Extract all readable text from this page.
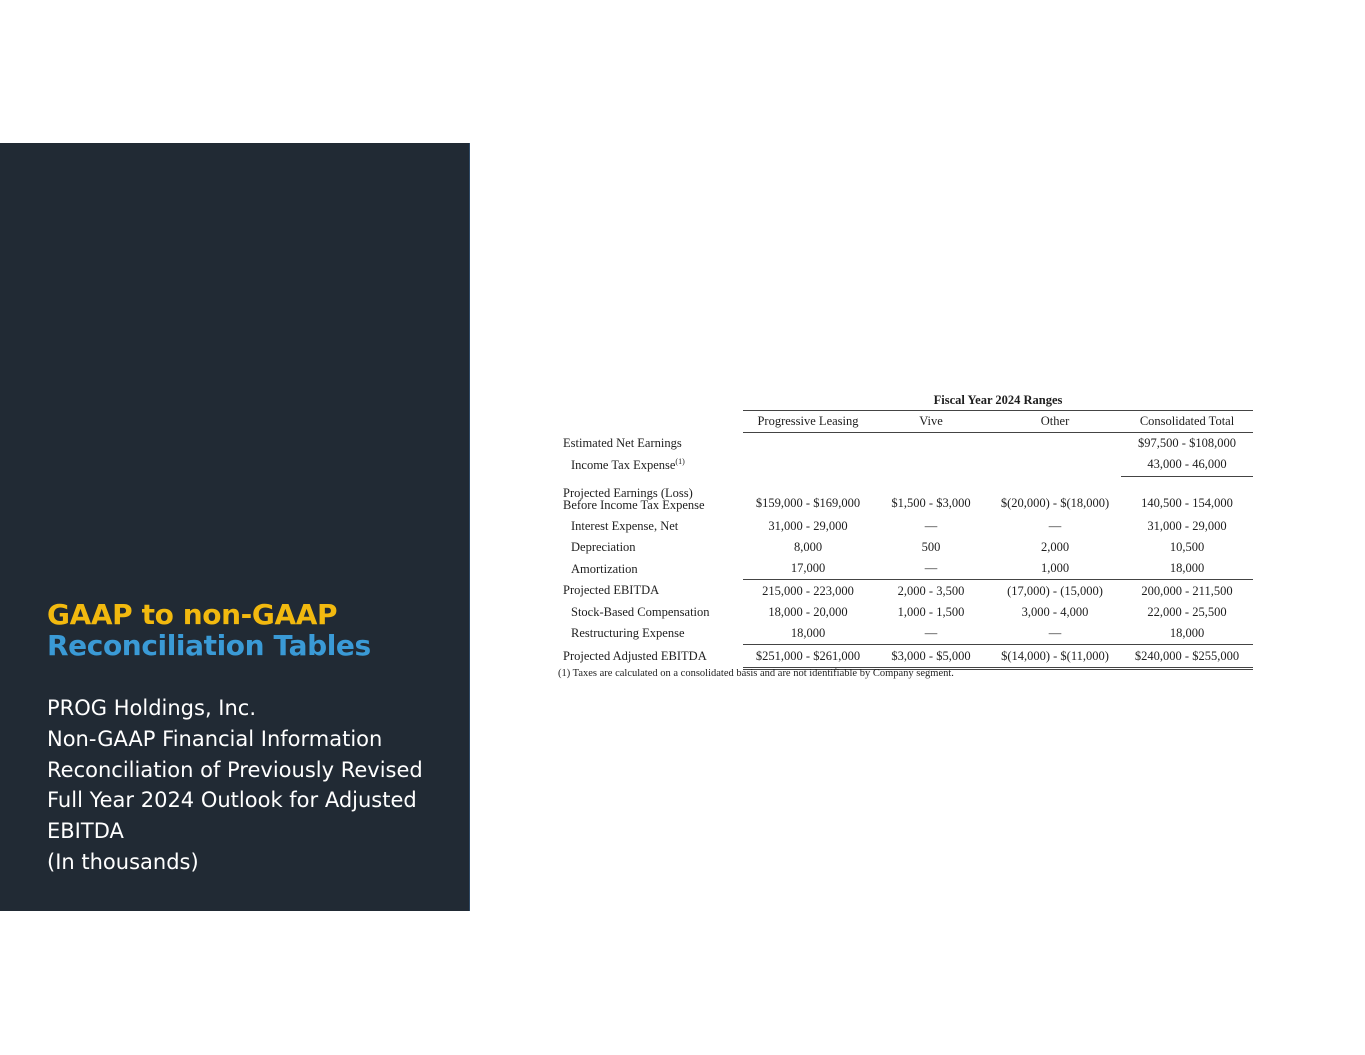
GAAP to non-GAAP
Reconciliation Tables
PROG Holdings, Inc.
Non-GAAP Financial Information
Reconciliation of Previously Revised
Full Year 2024 Outlook for Adjusted
EBITDA
(In thousands)
	Fiscal Year 2024 Ranges			
	Progressive Leasing	Vive	Other	Consolidated Total
Estimated Net Earnings				$97,500 - $108,000
Income Tax Expense$^{(1)}$				43,000 - 46,000

Projected Earnings (Loss)
Before Income Tax Expense	$159,000 - $169,000	$1,500 - $3,000	$(20,000) - $(18,000)	140,500 - 154,000
Interest Expense, Net	31,000 - 29,000	—	—	31,000 - 29,000
Depreciation	8,000	500	2,000	10,500
Amortization	17,000	—	1,000	18,000
Projected EBITDA	215,000 - 223,000	2,000 - 3,500	(17,000) - (15,000)	200,000 - 211,500
Stock-Based Compensation	18,000 - 20,000	1,000 - 1,500	3,000 - 4,000	22,000 - 25,500
Restructuring Expense	18,000	—	—	18,000
Projected Adjusted EBITDA	$251,000 - $261,000	$3,000 - $5,000	$(14,000) - $(11,000)	$240,000 - $255,000
(1) Taxes are calculated on a consolidated basis and are not identifiable by Company segment.
